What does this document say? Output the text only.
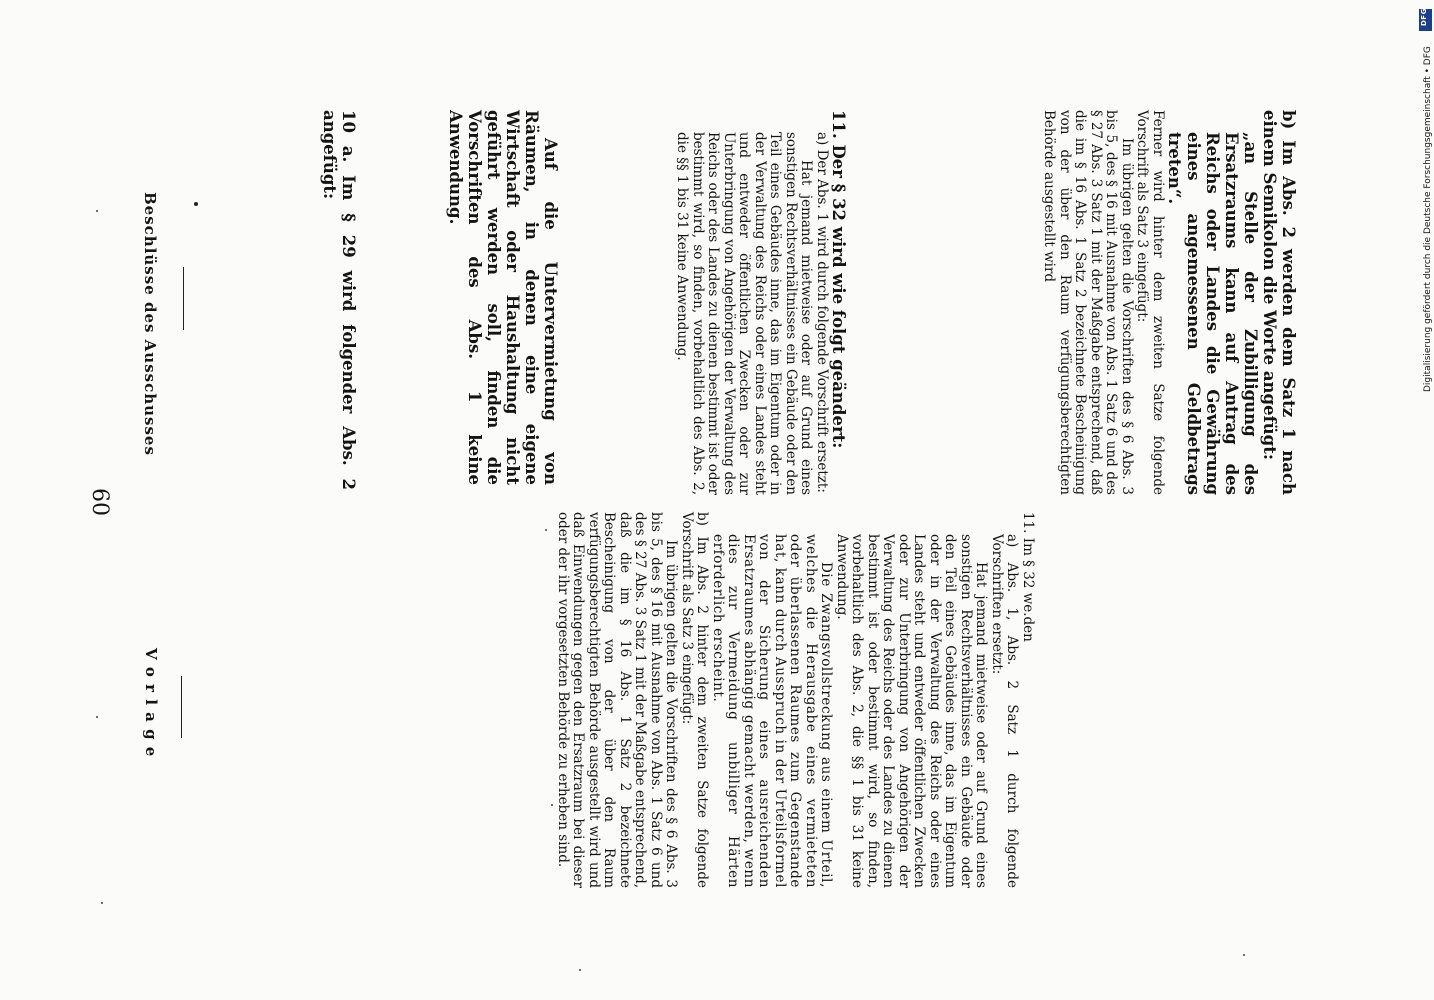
V o r l a g e
60
Beschlüsse des Ausschusses	10 a. Im § 29 wird folgender Abs. 2 angefügt:	Auf die Untervermietung von Räumen, in denen eine eigene Wirtschaft oder Haushaltung nicht geführt werden soll, finden die Vorschriften des Abs. 1 keine Anwendung.	11. Der § 32 wird wie folgt geändert:

a) Der Abs. 1 wird durch folgende Vorschrift ersetzt:

Hat jemand mietweise oder auf Grund eines sonstigen Rechtsverhältnisses ein Gebäude oder den Teil eines Gebäudes inne, das im Eigentum oder in der Verwaltung des Reichs oder eines Landes steht und entweder öffentlichen Zwecken oder zur Unterbringung von Angehörigen der Verwaltung des Reichs oder des Landes zu dienen bestimmt ist oder bestimmt wird, so finden, vorbehaltlich des Abs. 2, die §§ 1 bis 31 keine Anwendung.	b) Im Abs. 2 werden dem Satz 1 nach einem Semikolon die Worte angefügt:

„an Stelle der Zubilligung des Ersatzraums kann auf Antrag des Reichs oder Landes die Gewährung eines angemessenen Geldbetrags treten“.

Ferner wird hinter dem zweiten Satze folgende Vorschrift als Satz 3 eingefügt:

Im übrigen gelten die Vorschriften des § 6 Abs. 3 bis 5, des § 16 mit Ausnahme von Abs. 1 Satz 6 und des § 27 Abs. 3 Satz 1 mit der Maßgabe entsprechend, daß die im § 16 Abs. 1 Satz 2 bezeichnete Bescheinigung von der über den Raum verfügungsberechtigten Behörde ausgestellt wird

11. Im § 32 we.den

a) Abs. 1, Abs. 2 Satz 1 durch folgende Vorschriften ersetzt:

Hat jemand mietweise oder auf Grund eines sonstigen Rechtsverhältnisses ein Gebäude oder den Teil eines Gebäudes inne, das im Eigentum oder in der Verwaltung des Reichs oder eines Landes steht und entweder öffentlichen Zwecken oder zur Unterbringung von Angehörigen der Verwaltung des Reichs oder des Landes zu dienen bestimmt ist oder bestimmt wird, so finden, vorbehaltlich des Abs. 2, die §§ 1 bis 31 keine Anwendung.

Die Zwangsvollstreckung aus einem Urteil, welches die Herausgabe eines vermieteten oder überlassenen Raumes zum Gegenstande hat, kann durch Ausspruch in der Urteilsformel von der Sicherung eines ausreichenden Ersatzraumes abhängig gemacht werden, wenn dies zur Vermeidung unbilliger Härten erforderlich erscheint.

b) Im Abs. 2 hinter dem zweiten Satze folgende Vorschrift als Satz 3 eingefügt:

Im übrigen gelten die Vorschriften des § 6 Abs. 3 bis 5, des § 16 mit Ausnahme von Abs. 1 Satz 6 und des § 27 Abs. 3 Satz 1 mit der Maßgabe entsprechend, daß die im § 16 Abs. 1 Satz 2 bezeichnete Bescheinigung von der über den Raum verfügungsberechtigten Behörde ausgestellt wird und daß Einwendungen gegen den Ersatzraum bei dieser oder der ihr vorgesetzten Behörde zu erheben sind.

Digitalisierung gefördert durch die Deutsche Forschungsgemeinschaft • DFG
DFG
